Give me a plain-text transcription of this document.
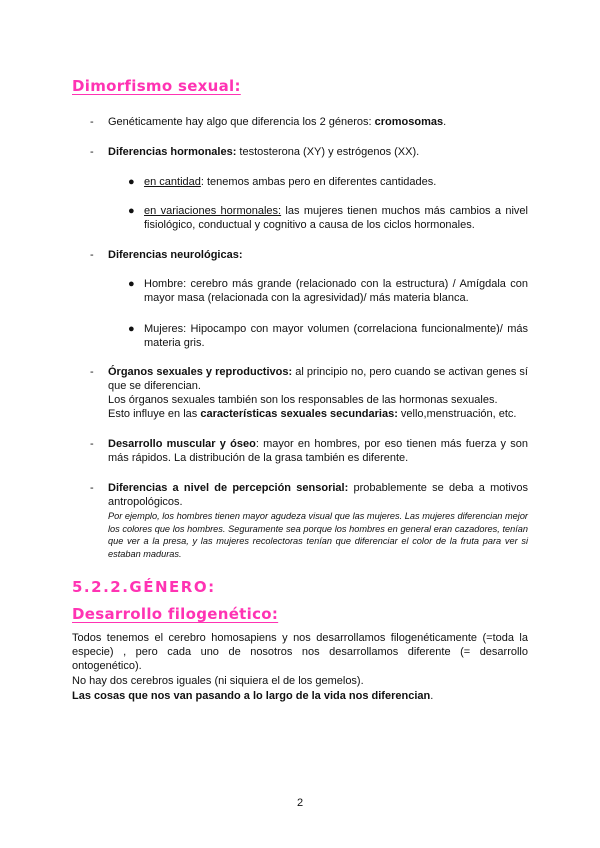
Dimorfismo sexual:
- Genéticamente hay algo que diferencia los 2 géneros: cromosomas.
- Diferencias hormonales: testosterona (XY) y estrógenos (XX).
● en cantidad: tenemos ambas pero en diferentes cantidades.
● en variaciones hormonales: las mujeres tienen muchos más cambios a nivel fisiológico, conductual y cognitivo a causa de los ciclos hormonales.
- Diferencias neurológicas:
● Hombre: cerebro más grande (relacionado con la estructura) / Amígdala con mayor masa (relacionada con la agresividad)/ más materia blanca.
● Mujeres: Hipocampo con mayor volumen (correlaciona funcionalmente)/ más materia gris.
- Órganos sexuales y reproductivos: al principio no, pero cuando se activan genes sí que se diferencian.
Los órganos sexuales también son los responsables de las hormonas sexuales.
Esto influye en las características sexuales secundarias: vello,menstruación, etc.
- Desarrollo muscular y óseo: mayor en hombres, por eso tienen más fuerza y son más rápidos. La distribución de la grasa también es diferente.
- Diferencias a nivel de percepción sensorial: probablemente se deba a motivos antropológicos.
Por ejemplo, los hombres tienen mayor agudeza visual que las mujeres. Las mujeres diferencian mejor los colores que los hombres. Seguramente sea porque los hombres en general eran cazadores, tenían que ver a la presa, y las mujeres recolectoras tenían que diferenciar el color de la fruta para ver si estaban maduras.
5.2.2.GÉNERO:
Desarrollo filogenético:
Todos tenemos el cerebro homosapiens y nos desarrollamos filogenéticamente (=toda la especie) , pero cada uno de nosotros nos desarrollamos diferente (= desarrollo ontogenético).
No hay dos cerebros iguales (ni siquiera el de los gemelos).
Las cosas que nos van pasando a lo largo de la vida nos diferencian.
2
